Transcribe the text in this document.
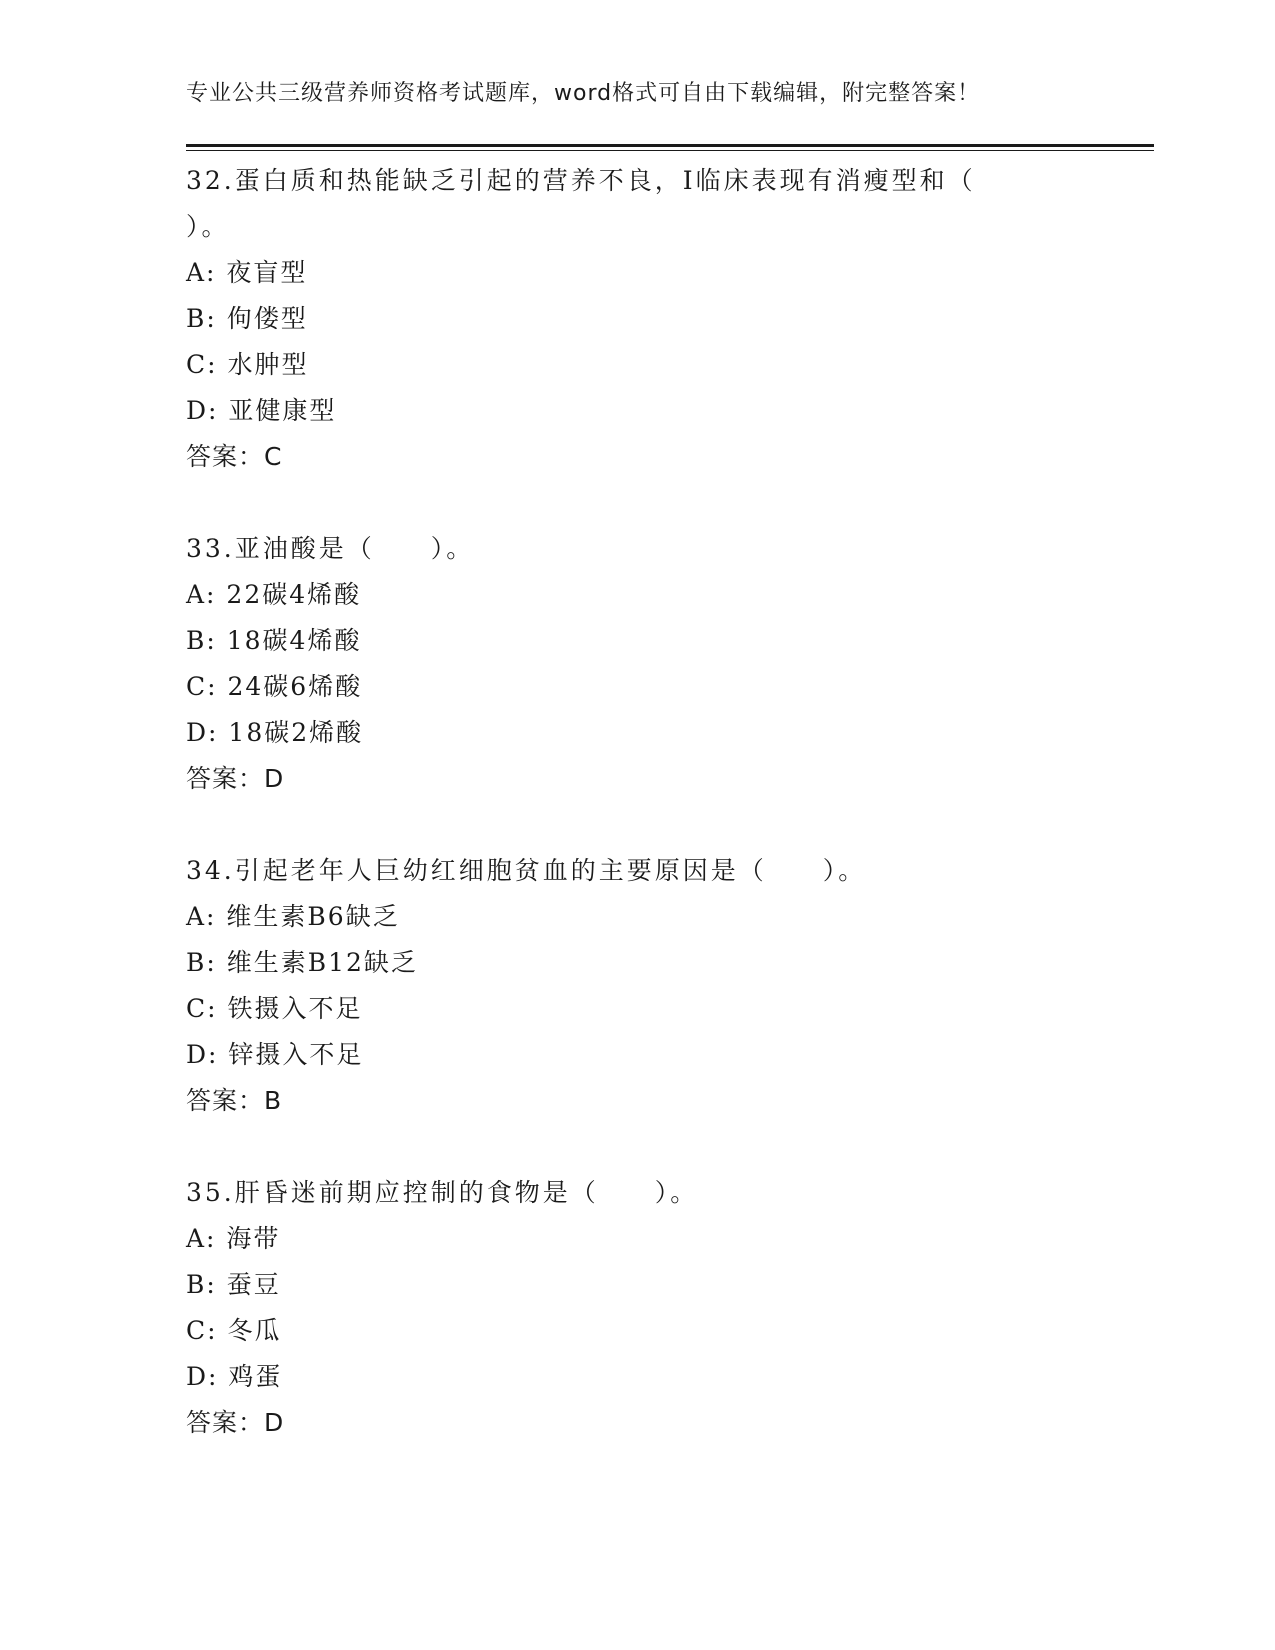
专业公共三级营养师资格考试题库，word格式可自由下载编辑，附完整答案！
32.蛋白质和热能缺乏引起的营养不良，I临床表现有消瘦型和（
）。
A: 夜盲型
B: 佝偻型
C: 水肿型
D: 亚健康型
答案：C
33.亚油酸是（　　）。
A: 22碳4烯酸
B: 18碳4烯酸
C: 24碳6烯酸
D: 18碳2烯酸
答案：D
34.引起老年人巨幼红细胞贫血的主要原因是（　　）。
A: 维生素B6缺乏
B: 维生素B12缺乏
C: 铁摄入不足
D: 锌摄入不足
答案：B
35.肝昏迷前期应控制的食物是（　　）。
A: 海带
B: 蚕豆
C: 冬瓜
D: 鸡蛋
答案：D
